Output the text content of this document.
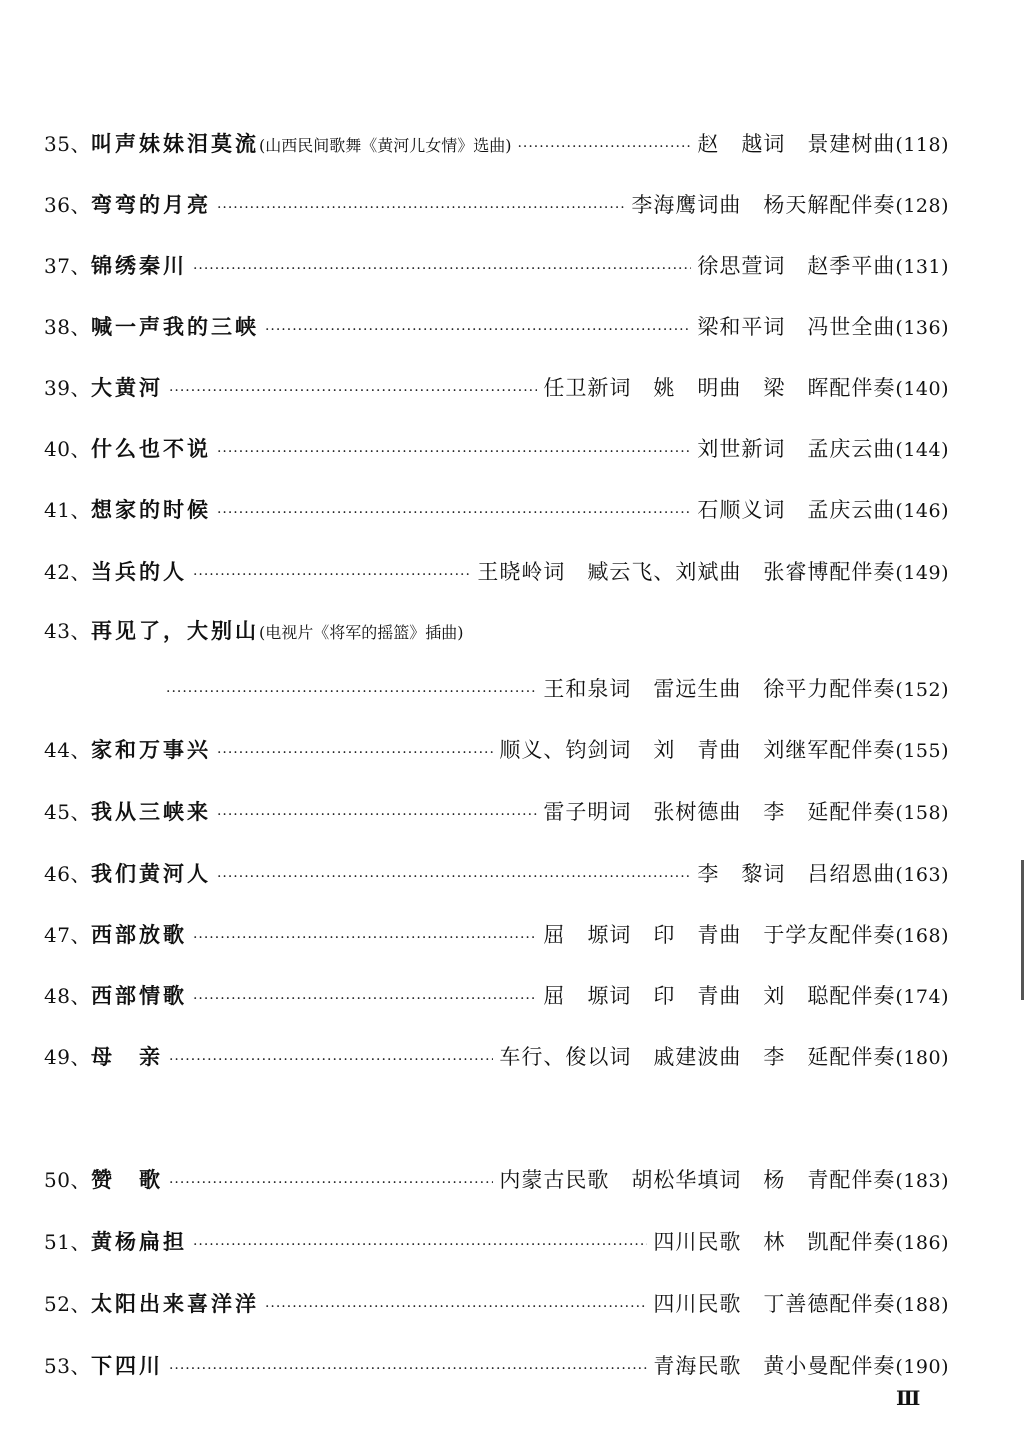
35、 叫声妹妹泪莫流 (山西民间歌舞《黄河儿女情》选曲) ·····	赵　越词 景建树曲 (118)
36、 弯弯的月亮 ·····	李海鹰词曲 杨天解配伴奏 (128)
37、 锦绣秦川 ·····	徐思萱词 赵季平曲 (131)
38、 喊一声我的三峡 ·····	梁和平词 冯世全曲 (136)
39、 大黄河 ·····	任卫新词 姚　明曲 梁　晖配伴奏 (140)
40、 什么也不说 ·····	刘世新词 孟庆云曲 (144)
41、 想家的时候 ·····	石顺义词 孟庆云曲 (146)
42、 当兵的人 ·····	王晓岭词 臧云飞、刘斌曲 张睿博配伴奏 (149)
43、 再见了，大别山 (电视片《将军的摇篮》插曲)
·····
王和泉词 雷远生曲 徐平力配伴奏 (152)
44、 家和万事兴 ·····	顺义、钧剑词 刘　青曲 刘继军配伴奏 (155)
45、 我从三峡来 ·····	雷子明词 张树德曲 李　延配伴奏 (158)
46、 我们黄河人 ·····	李　黎词 吕绍恩曲 (163)
47、 西部放歌 ·····	屈　塬词 印　青曲 于学友配伴奏 (168)
48、 西部情歌 ·····	屈　塬词 印　青曲 刘　聪配伴奏 (174)
49、 母　亲 ·····	车行、俊以词 戚建波曲 李　延配伴奏 (180)
50、 赞　歌 ·····	内蒙古民歌 胡松华填词 杨　青配伴奏 (183)
51、 黄杨扁担 ·····	四川民歌 林　凯配伴奏 (186)
52、 太阳出来喜洋洋 ·····	四川民歌 丁善德配伴奏 (188)
53、 下四川 ·····	青海民歌 黄小曼配伴奏 (190)
Ⅲ
